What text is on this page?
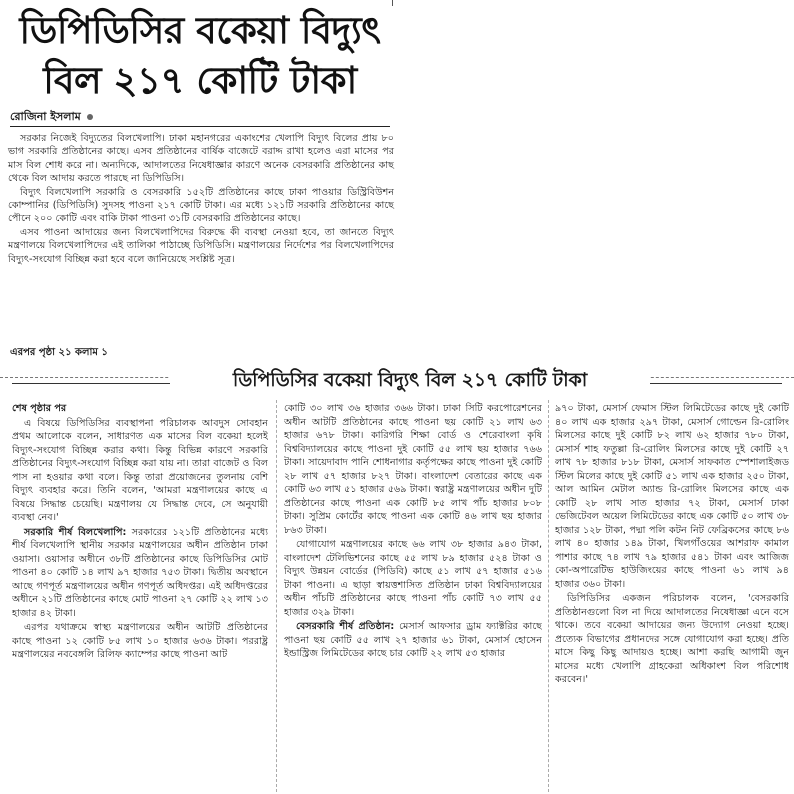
ডিপিডিসির বকেয়া বিদ্যুৎ
বিল ২১৭ কোটি টাকা
রোজিনা ইসলাম

সরকার নিজেই বিদ্যুতের বিলখেলাপি। ঢাকা মহানগরের একাংশের খেলাপি বিদ্যুৎ বিলের প্রায় ৮০ ভাগ সরকারি প্রতিষ্ঠানের কাছে। এসব প্রতিষ্ঠানের বার্ষিক বাজেটে বরাদ্দ রাখা হলেও এরা মাসের পর মাস বিল শোধ করে না। অন্যদিকে, আদালতের নিষেধাজ্ঞার কারণে অনেক বেসরকারি প্রতিষ্ঠানের কাছ থেকে বিল আদায় করতে পারছে না ডিপিডিসি।

বিদ্যুৎ বিলখেলাপি সরকারি ও বেসরকারি ১৫২টি প্রতিষ্ঠানের কাছে ঢাকা পাওয়ার ডিস্ট্রিবিউশন কোম্পানির (ডিপিডিসি) সুদসহ পাওনা ২১৭ কোটি টাকা। এর মধ্যে ১২১টি সরকারি প্রতিষ্ঠানের কাছে পৌনে ২০০ কোটি এবং বাকি টাকা পাওনা ৩১টি বেসরকারি প্রতিষ্ঠানের কাছে।

এসব পাওনা আদায়ের জন্য বিলখেলাপিদের বিরুদ্ধে কী ব্যবস্থা নেওয়া হবে, তা জানতে বিদ্যুৎ মন্ত্রণালয়ে বিলখেলাপিদের এই তালিকা পাঠাচ্ছে ডিপিডিসি। মন্ত্রণালয়ের নির্দেশের পর বিলখেলাপিদের বিদ্যুৎ-সংযোগ বিচ্ছিন্ন করা হবে বলে জানিয়েছে সংশ্লিষ্ট সূত্র।

এরপর পৃষ্ঠা ২১ কলাম ১
ডিপিডিসির বকেয়া বিদ্যুৎ বিল ২১৭ কোটি টাকা

শেষ পৃষ্ঠার পর

এ বিষয়ে ডিপিডিসির ব্যবস্থাপনা পরিচালক আবদুস সোবহান প্রথম আলোকে বলেন, সাধারণত এক মাসের বিল বকেয়া হলেই বিদ্যুৎ-সংযোগ বিচ্ছিন্ন করার কথা। কিন্তু বিভিন্ন কারণে সরকারি প্রতিষ্ঠানের বিদ্যুৎ-সংযোগ বিচ্ছিন্ন করা যায় না। তারা বাজেট ও বিল পাস না হওয়ার কথা বলে। কিন্তু তারা প্রয়োজনের তুলনায় বেশি বিদ্যুৎ ব্যবহার করে। তিনি বলেন, 'আমরা মন্ত্রণালয়ের কাছে এ বিষয়ে সিদ্ধান্ত চেয়েছি। মন্ত্রণালয় যে সিদ্ধান্ত দেবে, সে অনুযায়ী ব্যবস্থা নেব।'

সরকারি শীর্ষ বিলখেলাপি: সরকারের ১২১টি প্রতিষ্ঠানের মধ্যে শীর্ষ বিলখেলাপি স্থানীয় সরকার মন্ত্রণালয়ের অধীন প্রতিষ্ঠান ঢাকা ওয়াসা। ওয়াসার অধীনে ৩৮টি প্রতিষ্ঠানের কাছে ডিপিডিসির মোট পাওনা ৪০ কোটি ১৪ লাখ ৯৭ হাজার ৭৫৩ টাকা। দ্বিতীয় অবস্থানে আছে গণপূর্ত মন্ত্রণালয়ের অধীন গণপূর্ত অধিদপ্তর। এই অধিদপ্তরের অধীনে ২১টি প্রতিষ্ঠানের কাছে মোট পাওনা ২৭ কোটি ২২ লাখ ১৩ হাজার ৪২ টাকা।

এরপর যথাক্রমে স্বাস্থ্য মন্ত্রণালয়ের অধীন আটটি প্রতিষ্ঠানের কাছে পাওনা ১২ কোটি ৮৫ লাখ ১০ হাজার ৬৩৬ টাকা। পররাষ্ট্র মন্ত্রণালয়ের নববেঙ্গলি রিলিফ ক্যাম্পের কাছে পাওনা আট

কোটি ৩০ লাখ ৩৬ হাজার ৩৬৬ টাকা। ঢাকা সিটি করপোরেশনের অধীন আটটি প্রতিষ্ঠানের কাছে পাওনা ছয় কোটি ২১ লাখ ৬৩ হাজার ৬৭৮ টাকা। কারিগরি শিক্ষা বোর্ড ও শেরেবাংলা কৃষি বিশ্ববিদ্যালয়ের কাছে পাওনা দুই কোটি ৫৫ লাখ ছয় হাজার ৭৬৬ টাকা। সায়েদাবাদ পানি শোধনাগার কর্তৃপক্ষের কাছে পাওনা দুই কোটি ২৮ লাখ ৫৭ হাজার ৮২৭ টাকা। বাংলাদেশ বেতারের কাছে এক কোটি ৬৩ লাখ ৫১ হাজার ৫৬৯ টাকা। স্বরাষ্ট্র মন্ত্রণালয়ের অধীন দুটি প্রতিষ্ঠানের কাছে পাওনা এক কোটি ৮৫ লাখ পাঁচ হাজার ৮০৮ টাকা। সুপ্রিম কোর্টের কাছে পাওনা এক কোটি ৪৬ লাখ ছয় হাজার ৮৬৩ টাকা।

যোগাযোগ মন্ত্রণালয়ের কাছে ৬৬ লাখ ৩৮ হাজার ৯৪৩ টাকা, বাংলাদেশ টেলিভিশনের কাছে ৫৫ লাখ ৮৯ হাজার ৫২৪ টাকা ও বিদ্যুৎ উন্নয়ন বোর্ডের (পিডিবি) কাছে ৫১ লাখ ৫৭ হাজার ৫১৬ টাকা পাওনা। এ ছাড়া স্বায়ত্তশাসিত প্রতিষ্ঠান ঢাকা বিশ্ববিদ্যালয়ের অধীন পাঁচটি প্রতিষ্ঠানের কাছে পাওনা পাঁচ কোটি ৭৩ লাখ ৫৫ হাজার ৩২৯ টাকা।

বেসরকারি শীর্ষ প্রতিষ্ঠান: মেসার্স আফসার ড্রাম ফ্যাক্টরির কাছে পাওনা ছয় কোটি ৫৫ লাখ ২৭ হাজার ৬১ টাকা, মেসার্স হোসেন ইন্ডাস্ট্রিজ লিমিটেডের কাছে চার কোটি ২২ লাখ ৫৩ হাজার

৯৭০ টাকা, মেসার্স ফেমাস স্টিল লিমিটেডের কাছে দুই কোটি ৪০ লাখ এক হাজার ২৯৭ টাকা, মেসার্স গোল্ডেন রি-রোলিং মিলসের কাছে দুই কোটি ৮২ লাখ ৬২ হাজার ৭৮০ টাকা, মেসার্স শাহ ফতুল্লা রি-রোলিং মিলসের কাছে দুই কোটি ২৭ লাখ ৭৮ হাজার ৮১৮ টাকা, মেসার্স সাফকাত স্পেশালাইজড স্টিল মিলের কাছে দুই কোটি ৫১ লাখ এক হাজার ২৫০ টাকা, আল আমিন মেটাল অ্যান্ড রি-রোলিং মিলসের কাছে এক কোটি ২৮ লাখ সাত হাজার ৭২ টাকা, মেসার্স ঢাকা ভেজিটেবল অয়েল লিমিটেডের কাছে এক কোটি ৫০ লাখ ৩৮ হাজার ১২৮ টাকা, পদ্মা পলি কটন নিট ফেব্রিকসের কাছে ৮৬ লাখ ৪০ হাজার ১৪৯ টাকা, খিলগাঁওয়ের আশরাফ কামাল পাশার কাছে ৭৪ লাখ ৭৯ হাজার ৫৪১ টাকা এবং আজিজ কো-অপারেটিভ হাউজিংয়ের কাছে পাওনা ৬১ লাখ ৯৪ হাজার ৩৬০ টাকা।

ডিপিডিসির একজন পরিচালক বলেন, 'বেসরকারি প্রতিষ্ঠানগুলো বিল না দিয়ে আদালতের নিষেধাজ্ঞা এনে বসে থাকে। তবে বকেয়া আদায়ের জন্য উদ্যোগ নেওয়া হচ্ছে। প্রত্যেক বিভাগের প্রধানদের সঙ্গে যোগাযোগ করা হচ্ছে। প্রতি মাসে কিছু কিছু আদায়ও হচ্ছে। আশা করছি আগামী জুন মাসের মধ্যে খেলাপি গ্রাহকেরা অধিকাংশ বিল পরিশোধ করবেন।'
